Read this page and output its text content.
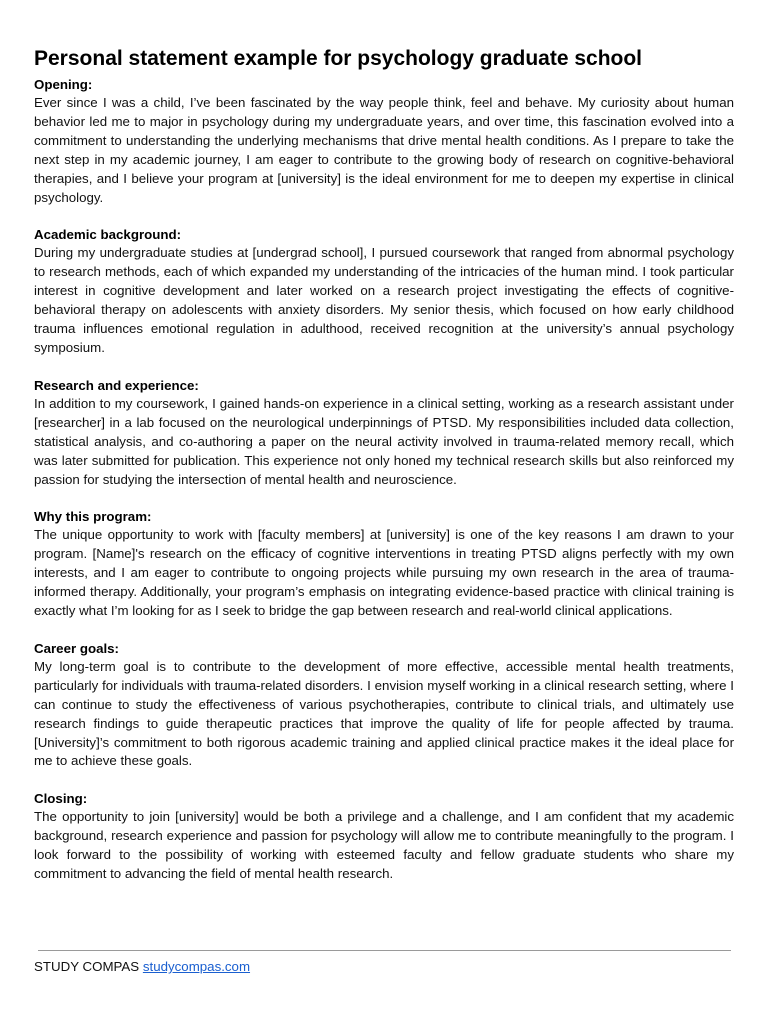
Personal statement example for psychology graduate school

Opening:

Ever since I was a child, I’ve been fascinated by the way people think, feel and behave. My curiosity about human behavior led me to major in psychology during my undergraduate years, and over time, this fascination evolved into a commitment to understanding the underlying mechanisms that drive mental health conditions. As I prepare to take the next step in my academic journey, I am eager to contribute to the growing body of research on cognitive-behavioral therapies, and I believe your program at [university] is the ideal environment for me to deepen my expertise in clinical psychology.

Academic background:

During my undergraduate studies at [undergrad school], I pursued coursework that ranged from abnormal psychology to research methods, each of which expanded my understanding of the intricacies of the human mind. I took particular interest in cognitive development and later worked on a research project investigating the effects of cognitive-behavioral therapy on adolescents with anxiety disorders. My senior thesis, which focused on how early childhood trauma influences emotional regulation in adulthood, received recognition at the university’s annual psychology symposium.

Research and experience:

In addition to my coursework, I gained hands-on experience in a clinical setting, working as a research assistant under [researcher] in a lab focused on the neurological underpinnings of PTSD. My responsibilities included data collection, statistical analysis, and co-authoring a paper on the neural activity involved in trauma-related memory recall, which was later submitted for publication. This experience not only honed my technical research skills but also reinforced my passion for studying the intersection of mental health and neuroscience.

Why this program:

The unique opportunity to work with [faculty members] at [university] is one of the key reasons I am drawn to your program. [Name]'s research on the efficacy of cognitive interventions in treating PTSD aligns perfectly with my own interests, and I am eager to contribute to ongoing projects while pursuing my own research in the area of trauma-informed therapy. Additionally, your program’s emphasis on integrating evidence-based practice with clinical training is exactly what I’m looking for as I seek to bridge the gap between research and real-world clinical applications.

Career goals:

My long-term goal is to contribute to the development of more effective, accessible mental health treatments, particularly for individuals with trauma-related disorders. I envision myself working in a clinical research setting, where I can continue to study the effectiveness of various psychotherapies, contribute to clinical trials, and ultimately use research findings to guide therapeutic practices that improve the quality of life for people affected by trauma. [University]’s commitment to both rigorous academic training and applied clinical practice makes it the ideal place for me to achieve these goals.

Closing:

The opportunity to join [university] would be both a privilege and a challenge, and I am confident that my academic background, research experience and passion for psychology will allow me to contribute meaningfully to the program. I look forward to the possibility of working with esteemed faculty and fellow graduate students who share my commitment to advancing the field of mental health research.

STUDY COMPAS studycompas.com
